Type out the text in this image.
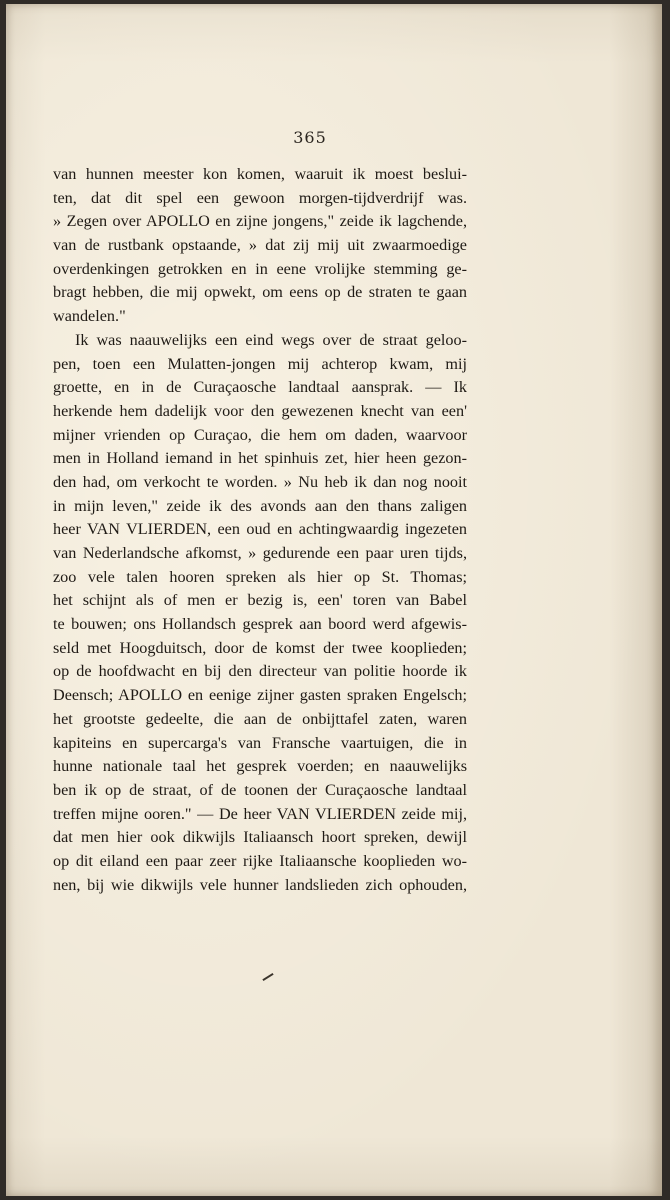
365
van hunnen meester kon komen, waaruit ik moest beslui-
ten, dat dit spel een gewoon morgen-tijdverdrijf was.
» Zegen over APOLLO en zijne jongens," zeide ik lagchende,
van de rustbank opstaande, » dat zij mij uit zwaarmoedige
overdenkingen getrokken en in eene vrolijke stemming ge-
bragt hebben, die mij opwekt, om eens op de straten te gaan
wandelen."
Ik was naauwelijks een eind wegs over de straat geloo-
pen, toen een Mulatten-jongen mij achterop kwam, mij
groette, en in de Curaçaosche landtaal aansprak. — Ik
herkende hem dadelijk voor den gewezenen knecht van een'
mijner vrienden op Curaçao, die hem om daden, waarvoor
men in Holland iemand in het spinhuis zet, hier heen gezon-
den had, om verkocht te worden. » Nu heb ik dan nog nooit
in mijn leven," zeide ik des avonds aan den thans zaligen
heer VAN VLIERDEN, een oud en achtingwaardig ingezeten
van Nederlandsche afkomst, » gedurende een paar uren tijds,
zoo vele talen hooren spreken als hier op St. Thomas;
het schijnt als of men er bezig is, een' toren van Babel
te bouwen; ons Hollandsch gesprek aan boord werd afgewis-
seld met Hoogduitsch, door de komst der twee kooplieden;
op de hoofdwacht en bij den directeur van politie hoorde ik
Deensch; APOLLO en eenige zijner gasten spraken Engelsch;
het grootste gedeelte, die aan de onbijttafel zaten, waren
kapiteins en supercarga's van Fransche vaartuigen, die in
hunne nationale taal het gesprek voerden; en naauwelijks
ben ik op de straat, of de toonen der Curaçaosche landtaal
treffen mijne ooren." — De heer VAN VLIERDEN zeide mij,
dat men hier ook dikwijls Italiaansch hoort spreken, dewijl
op dit eiland een paar zeer rijke Italiaansche kooplieden wo-
nen, bij wie dikwijls vele hunner landslieden zich ophouden,
